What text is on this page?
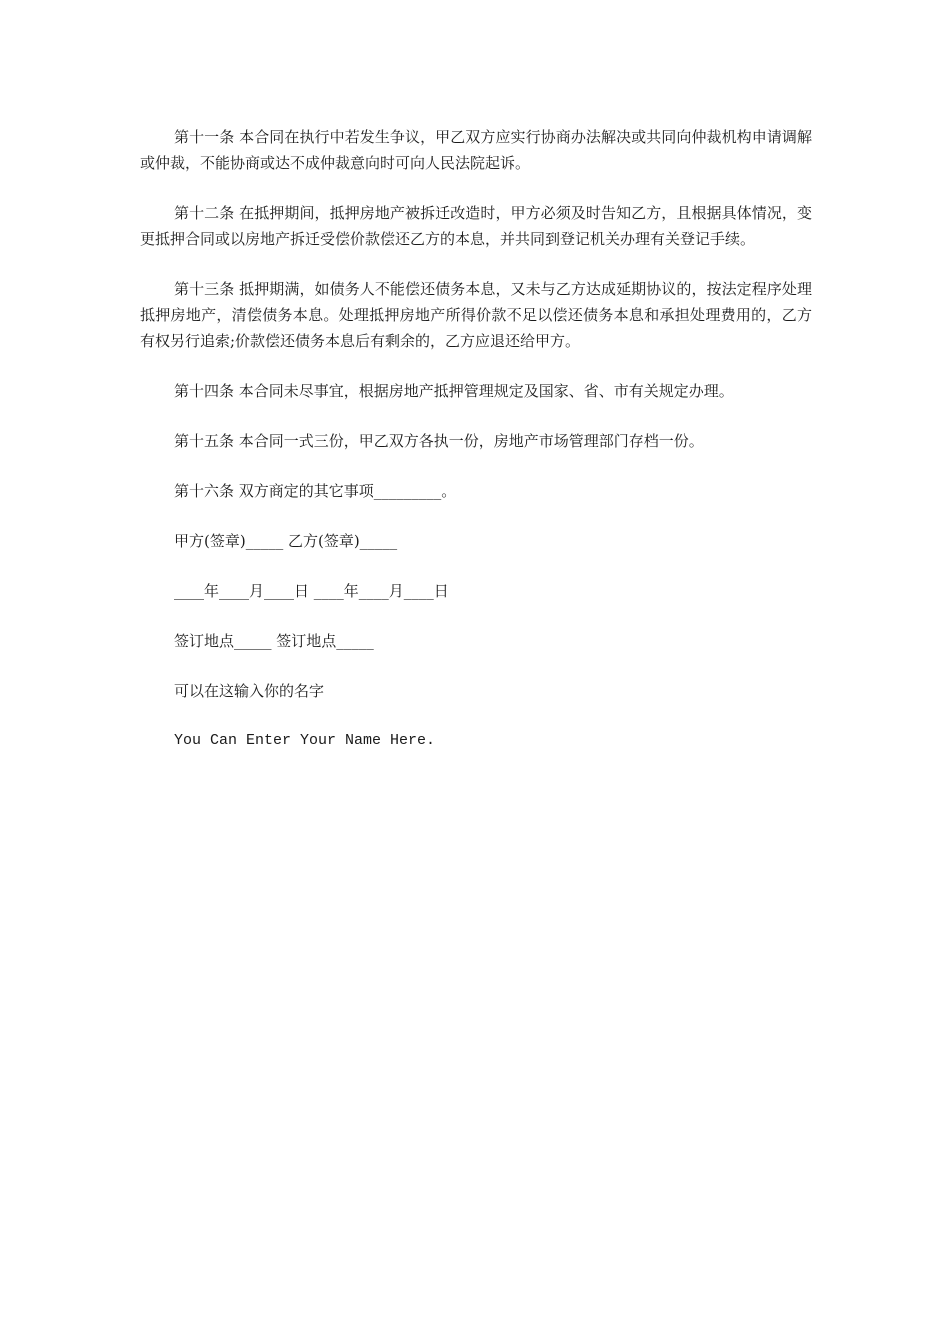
第十一条 本合同在执行中若发生争议，甲乙双方应实行协商办法解决或共同向仲裁机构申请调解或仲裁，不能协商或达不成仲裁意向时可向人民法院起诉。

第十二条 在抵押期间，抵押房地产被拆迁改造时，甲方必须及时告知乙方，且根据具体情况，变更抵押合同或以房地产拆迁受偿价款偿还乙方的本息，并共同到登记机关办理有关登记手续。

第十三条 抵押期满，如债务人不能偿还债务本息，又未与乙方达成延期协议的，按法定程序处理抵押房地产，清偿债务本息。处理抵押房地产所得价款不足以偿还债务本息和承担处理费用的，乙方有权另行追索;价款偿还债务本息后有剩余的，乙方应退还给甲方。

第十四条 本合同未尽事宜，根据房地产抵押管理规定及国家、省、市有关规定办理。

第十五条 本合同一式三份，甲乙双方各执一份，房地产市场管理部门存档一份。

第十六条 双方商定的其它事项_________。

甲方(签章)_____ 乙方(签章)_____
____年____月____日 ____年____月____日
签订地点_____ 签订地点_____
可以在这输入你的名字
You Can Enter Your Name Here.
